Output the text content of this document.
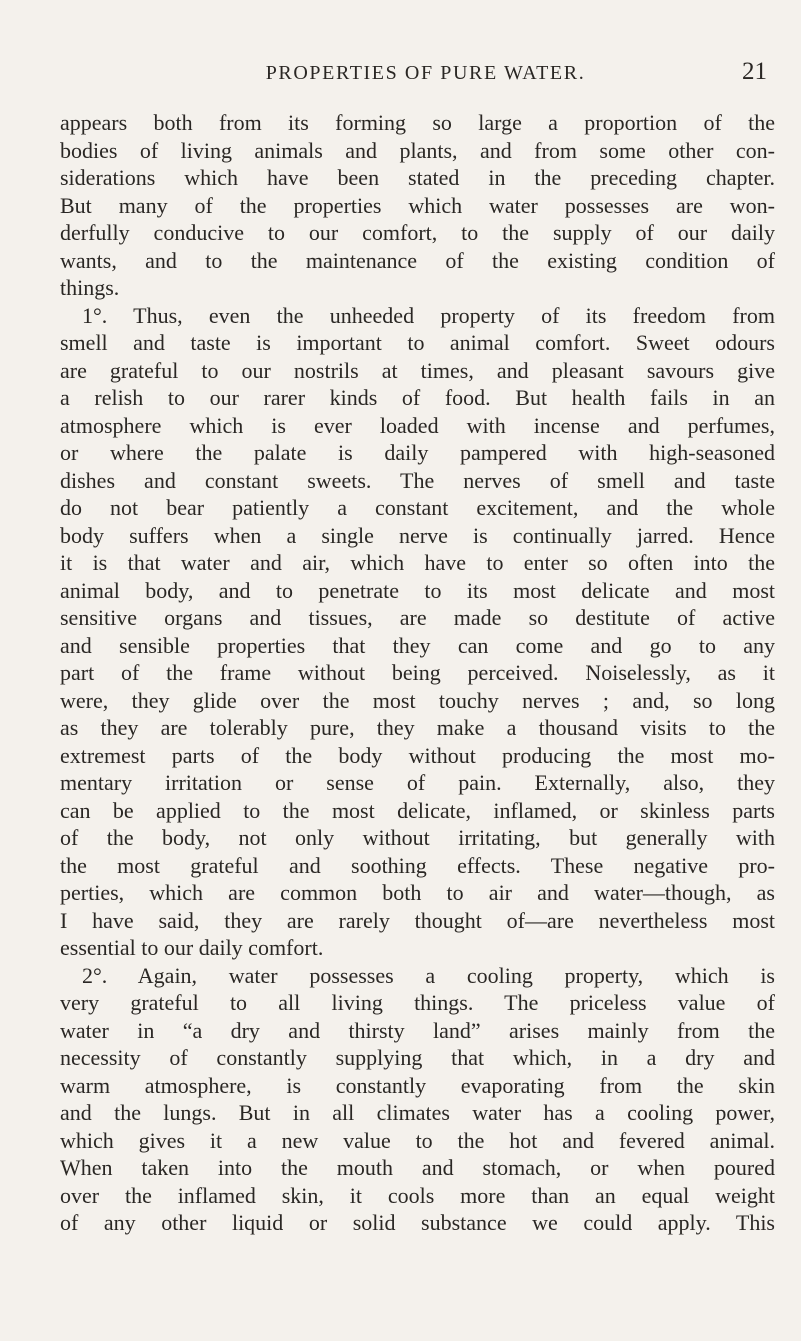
PROPERTIES OF PURE WATER.	21
appears both from its forming so large a proportion of the
bodies of living animals and plants, and from some other con-
siderations which have been stated in the preceding chapter.
But many of the properties which water possesses are won-
derfully conducive to our comfort, to the supply of our daily
wants, and to the maintenance of the existing condition of
things.
1°. Thus, even the unheeded property of its freedom from
smell and taste is important to animal comfort. Sweet odours
are grateful to our nostrils at times, and pleasant savours give
a relish to our rarer kinds of food. But health fails in an
atmosphere which is ever loaded with incense and perfumes,
or where the palate is daily pampered with high-seasoned
dishes and constant sweets. The nerves of smell and taste
do not bear patiently a constant excitement, and the whole
body suffers when a single nerve is continually jarred. Hence
it is that water and air, which have to enter so often into the
animal body, and to penetrate to its most delicate and most
sensitive organs and tissues, are made so destitute of active
and sensible properties that they can come and go to any
part of the frame without being perceived. Noiselessly, as it
were, they glide over the most touchy nerves ; and, so long
as they are tolerably pure, they make a thousand visits to the
extremest parts of the body without producing the most mo-
mentary irritation or sense of pain. Externally, also, they
can be applied to the most delicate, inflamed, or skinless parts
of the body, not only without irritating, but generally with
the most grateful and soothing effects. These negative pro-
perties, which are common both to air and water—though, as
I have said, they are rarely thought of—are nevertheless most
essential to our daily comfort.
2°. Again, water possesses a cooling property, which is
very grateful to all living things. The priceless value of
water in “a dry and thirsty land” arises mainly from the
necessity of constantly supplying that which, in a dry and
warm atmosphere, is constantly evaporating from the skin
and the lungs. But in all climates water has a cooling power,
which gives it a new value to the hot and fevered animal.
When taken into the mouth and stomach, or when poured
over the inflamed skin, it cools more than an equal weight
of any other liquid or solid substance we could apply. This
